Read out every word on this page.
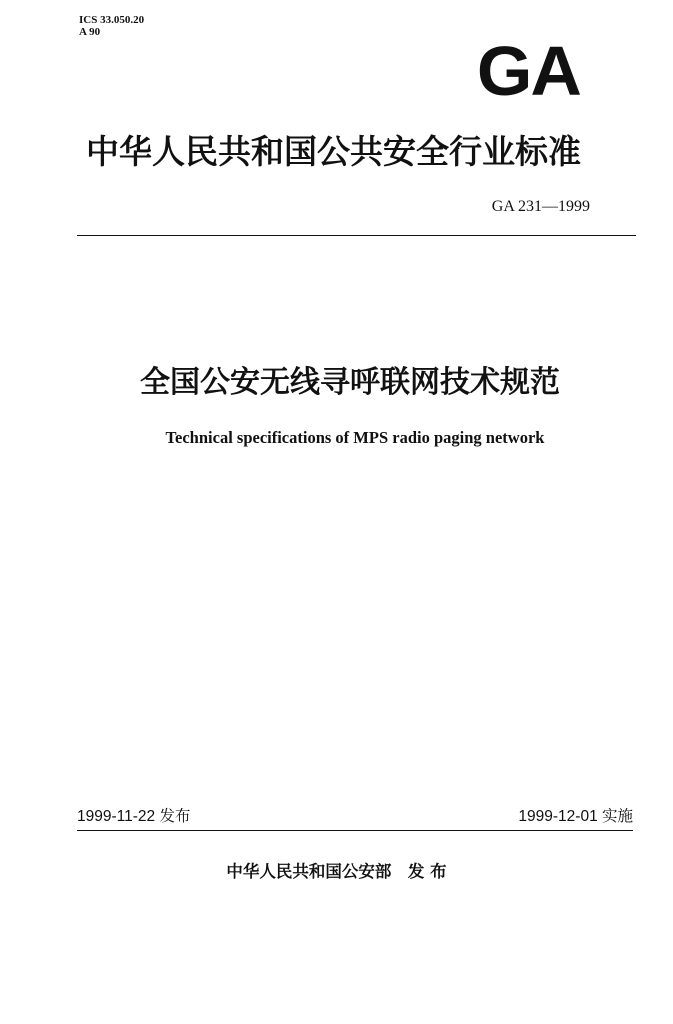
ICS 33.050.20
A 90	GA
中华人民共和国公共安全行业标准
GA 231—1999
全国公安无线寻呼联网技术规范
Technical specifications of MPS radio paging network
1999-11-22 发布	1999-12-01 实施
中华人民共和国公安部　发 布
